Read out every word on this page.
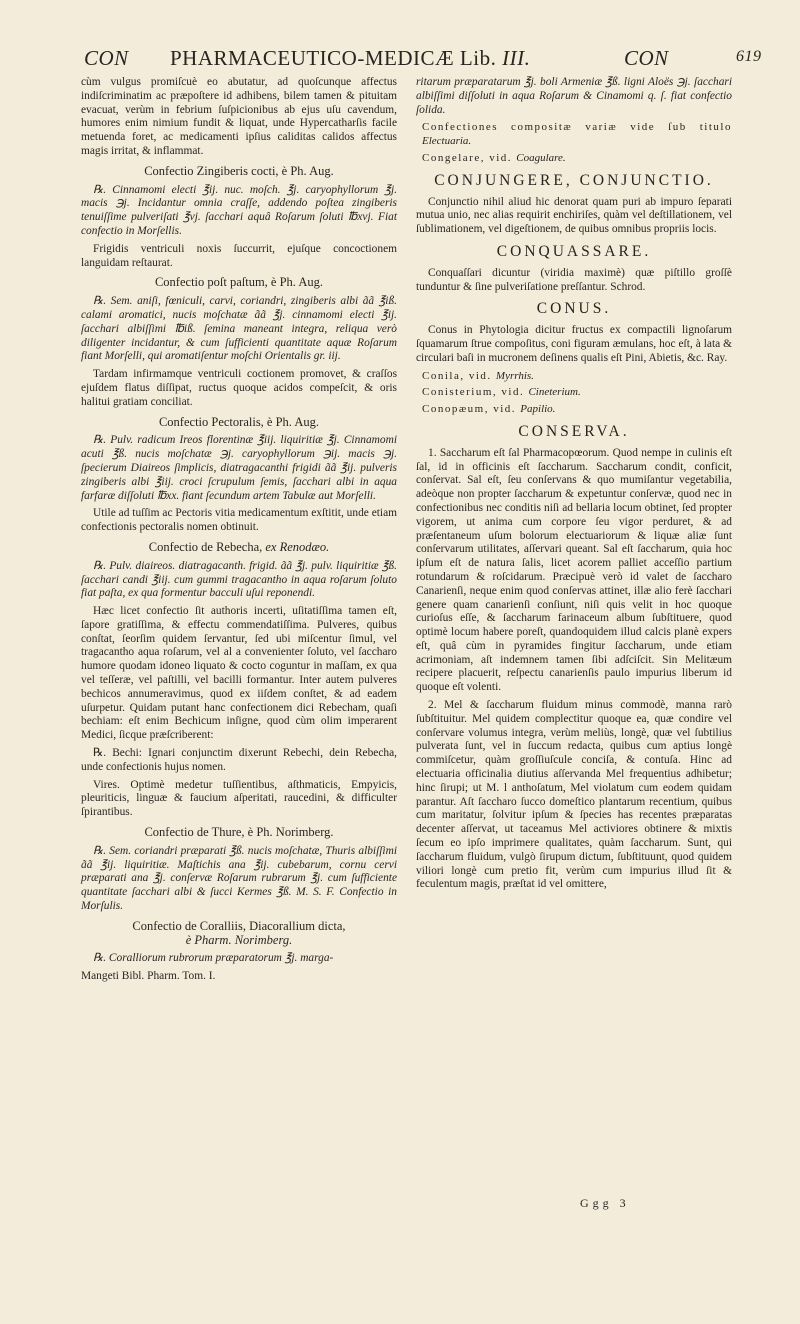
CON PHARMACEUTICO-MEDICÆ Lib. III.	CON	619

cùm vulgus promiſcuè eo abutatur, ad quoſcunque affectus indiſcriminatim ac præpoſtere id adhibens, bilem tamen & pituitam evacuat, verùm in febrium ſuſpicionibus ab ejus uſu cavendum, humores enim nimium fundit & liquat, unde Hypercatharſis facile metuenda foret, ac medicamenti ipſius caliditas calidos affectus magis irritat, & inflammat.

Confectio Zingiberis cocti, è Ph. Aug.

℞. Cinnamomi electi ℥ij. nuc. moſch. ℥j. caryophyllorum ℥j. macis ℈j. Incidantur omnia craſſe, addendo poſtea zingiberis tenuiſſime pulveriſati ℥vj. ſacchari aquâ Roſarum ſoluti ℔xvj. Fiat confectio in Morſellis.

Frigidis ventriculi noxis ſuccurrit, ejuſque concoctionem languidam reſtaurat.

Confectio poſt paſtum, è Ph. Aug.

℞. Sem. aniſi, fœniculi, carvi, coriandri, zingiberis albi ãã ℥iß. calami aromatici, nucis moſchatæ ãã ℥j. cinnamomi electi ℥ij. ſacchari albiſſimi ℔iß. ſemina maneant integra, reliqua verò diligenter incidantur, & cum ſufficienti quantitate aquæ Roſarum fiant Morſelli, qui aromatiſentur moſchi Orientalis gr. iij.

Tardam infirmamque ventriculi coctionem promovet, & craſſos ejuſdem flatus diſſipat, ructus quoque acidos compeſcit, & oris halitui gratiam conciliat.

Confectio Pectoralis, è Ph. Aug.

℞. Pulv. radicum Ireos florentinæ ℥iij. liquiritiæ ℥j. Cinnamomi acuti ℥ß. nucis moſchatæ ℈j. caryophyllorum ℈ij. macis ℈j. ſpecierum Diaireos ſimplicis, diatragacanthi frigidi ãã ℥ij. pulveris zingiberis albi ℥iij. croci ſcrupulum ſemis, ſacchari albi in aqua farfaræ diſſoluti ℔xx. fiant ſecundum artem Tabulæ aut Morſelli.

Utile ad tuſſim ac Pectoris vitia medicamentum exſtitit, unde etiam confectionis pectoralis nomen obtinuit.

Confectio de Rebecha, ex Renodæo.

℞. Pulv. diaireos. diatragacanth. frigid. ãã ℥j. pulv. liquiritiæ ℥ß. ſacchari candi ℥iij. cum gummi tragacantho in aqua roſarum ſoluto fiat paſta, ex qua formentur bacculi uſui reponendi.

Hæc licet confectio ſit authoris incerti, uſitatiſſima tamen eſt, ſapore gratiſſima, & effectu commendatiſſima. Pulveres, quibus conſtat, ſeorſim quidem ſervantur, ſed ubi miſcentur ſimul, vel tragacantho aqua roſarum, vel al a convenienter ſoluto, vel ſaccharo humore quodam idoneo liquato & cocto coguntur in maſſam, ex qua vel teſſeræ, vel paſtilli, vel bacilli formantur. Inter autem pulveres bechicos annumeravimus, quod ex iiſdem conſtet, & ad eadem uſurpetur. Quidam putant hanc confectionem dici Rebecham, quaſi bechiam: eſt enim Bechicum inſigne, quod cùm olim imperarent Medici, ſicque præſcriberent:

℞. Bechi: Ignari conjunctim dixerunt Rebechi, dein Rebecha, unde confectionis hujus nomen.

Vires. Optimè medetur tuſſientibus, aſthmaticis, Empyicis, pleuriticis, linguæ & faucium aſperitati, raucedini, & difficulter ſpirantibus.

Confectio de Thure, è Ph. Norimberg.

℞. Sem. coriandri præparati ℥ß. nucis moſchatæ, Thuris albiſſimi ãã ℥ij. liquiritiæ. Maſtichis ana ℥ij. cubebarum, cornu cervi præparati ana ℥j. conſervæ Roſarum rubrarum ℥j. cum ſufficiente quantitate ſacchari albi & ſucci Kermes ℥ß. M. S. F. Confectio in Morſulis.

Confectio de Coralliis, Diacorallium dicta,
è Pharm. Norimberg.

℞. Coralliorum rubrorum præparatorum ℥j. marga-

Mangeti Bibl. Pharm. Tom. I.

ritarum præparatarum ℥j. boli Armeniæ ℥ß. ligni Aloës ℈j. ſacchari albiſſimi diſſoluti in aqua Roſarum & Cinamomi q. ſ. fiat confectio ſolida.

Confectiones compositæ variæ vide ſub titulo Electuaria.
Congelare, vid. Coagulare.
CONJUNGERE, CONJUNCTIO.

Conjunctio nihil aliud hic denorat quam puri ab impuro ſeparati mutua unio, nec alias requirit enchiriſes, quàm vel deſtillationem, vel ſublimationem, vel digeſtionem, de quibus omnibus propriis locis.

CONQUASSARE.

Conquaſſari dicuntur (viridia maximè) quæ piſtillo groſſè tunduntur & ſine pulveriſatione preſſantur. Schrod.

CONUS.

Conus in Phytologia dicitur fructus ex compactili lignoſarum ſquamarum ſtrue compoſitus, coni figuram æmulans, hoc eſt, à lata & circulari baſi in mucronem deſinens qualis eſt Pini, Abietis, &c. Ray.

Conila, vid. Myrrhis.
Conisterium, vid. Cineterium.
Conopæum, vid. Papilio.
CONSERVA.

1. Saccharum eſt ſal Pharmacopœorum. Quod nempe in culinis eſt ſal, id in officinis eſt ſaccharum. Saccharum condit, conficit, conſervat. Sal eſt, ſeu conſervans & quo mumiſantur vegetabilia, adeòque non propter ſaccharum & expetuntur conſervæ, quod nec in confectionibus nec conditis niſi ad bellaria locum obtinet, ſed propter vigorem, ut anima cum corpore ſeu vigor perduret, & ad præſentaneum uſum bolorum electuariorum & liquæ aliæ ſunt conſervarum utilitates, aſſervari queant. Sal eſt ſaccharum, quia hoc ipſum eſt de natura ſalis, licet acorem palliet acceſſio partium rotundarum & roſcidarum. Præcipuè verò id valet de ſaccharo Canarienſi, neque enim quod conſervas attinet, illæ alio ferè ſacchari genere quam canarienſi conſiunt, niſi quis velit in hoc quoque curioſus eſſe, & ſaccharum farinaceum album ſubſtituere, quod optimè locum habere poreſt, quandoquidem illud calcis planè expers eſt, quâ cùm in pyramides fingitur ſaccharum, unde etiam acrimoniam, aſt indemnem tamen ſibi adſciſcit. Sin Melitæum recipere placuerit, reſpectu canarienſis paulo impurius liberum id quoque eſt volenti.

2. Mel & ſaccharum fluidum minus commodè, manna rarò ſubſtituitur. Mel quidem complectitur quoque ea, quæ condire vel conſervare volumus integra, verùm meliùs, longè, quæ vel ſubtilius pulverata ſunt, vel in ſuccum redacta, quibus cum aptius longè commiſcetur, quàm groſſiuſcule conciſa, & contuſa. Hinc ad electuaria officinalia diutius aſſervanda Mel frequentius adhibetur; hinc ſirupi; ut M. l anthoſatum, Mel violatum cum eodem quidam parantur. Aſt ſaccharo ſucco domeſtico plantarum recentium, quibus cum maritatur, ſolvitur ipſum & ſpecies has recentes præparatas decenter aſſervat, ut taceamus Mel activiores obtinere & mixtis ſecum eo ipſo imprimere qualitates, quàm ſaccharum. Sunt, qui ſaccharum fluidum, vulgò ſirupum dictum, ſubſtituunt, quod quidem viliori longè cum pretio fit, verùm cum impurius illud ſit & feculentum magis, præſtat id vel omittere,

Ggg 3
